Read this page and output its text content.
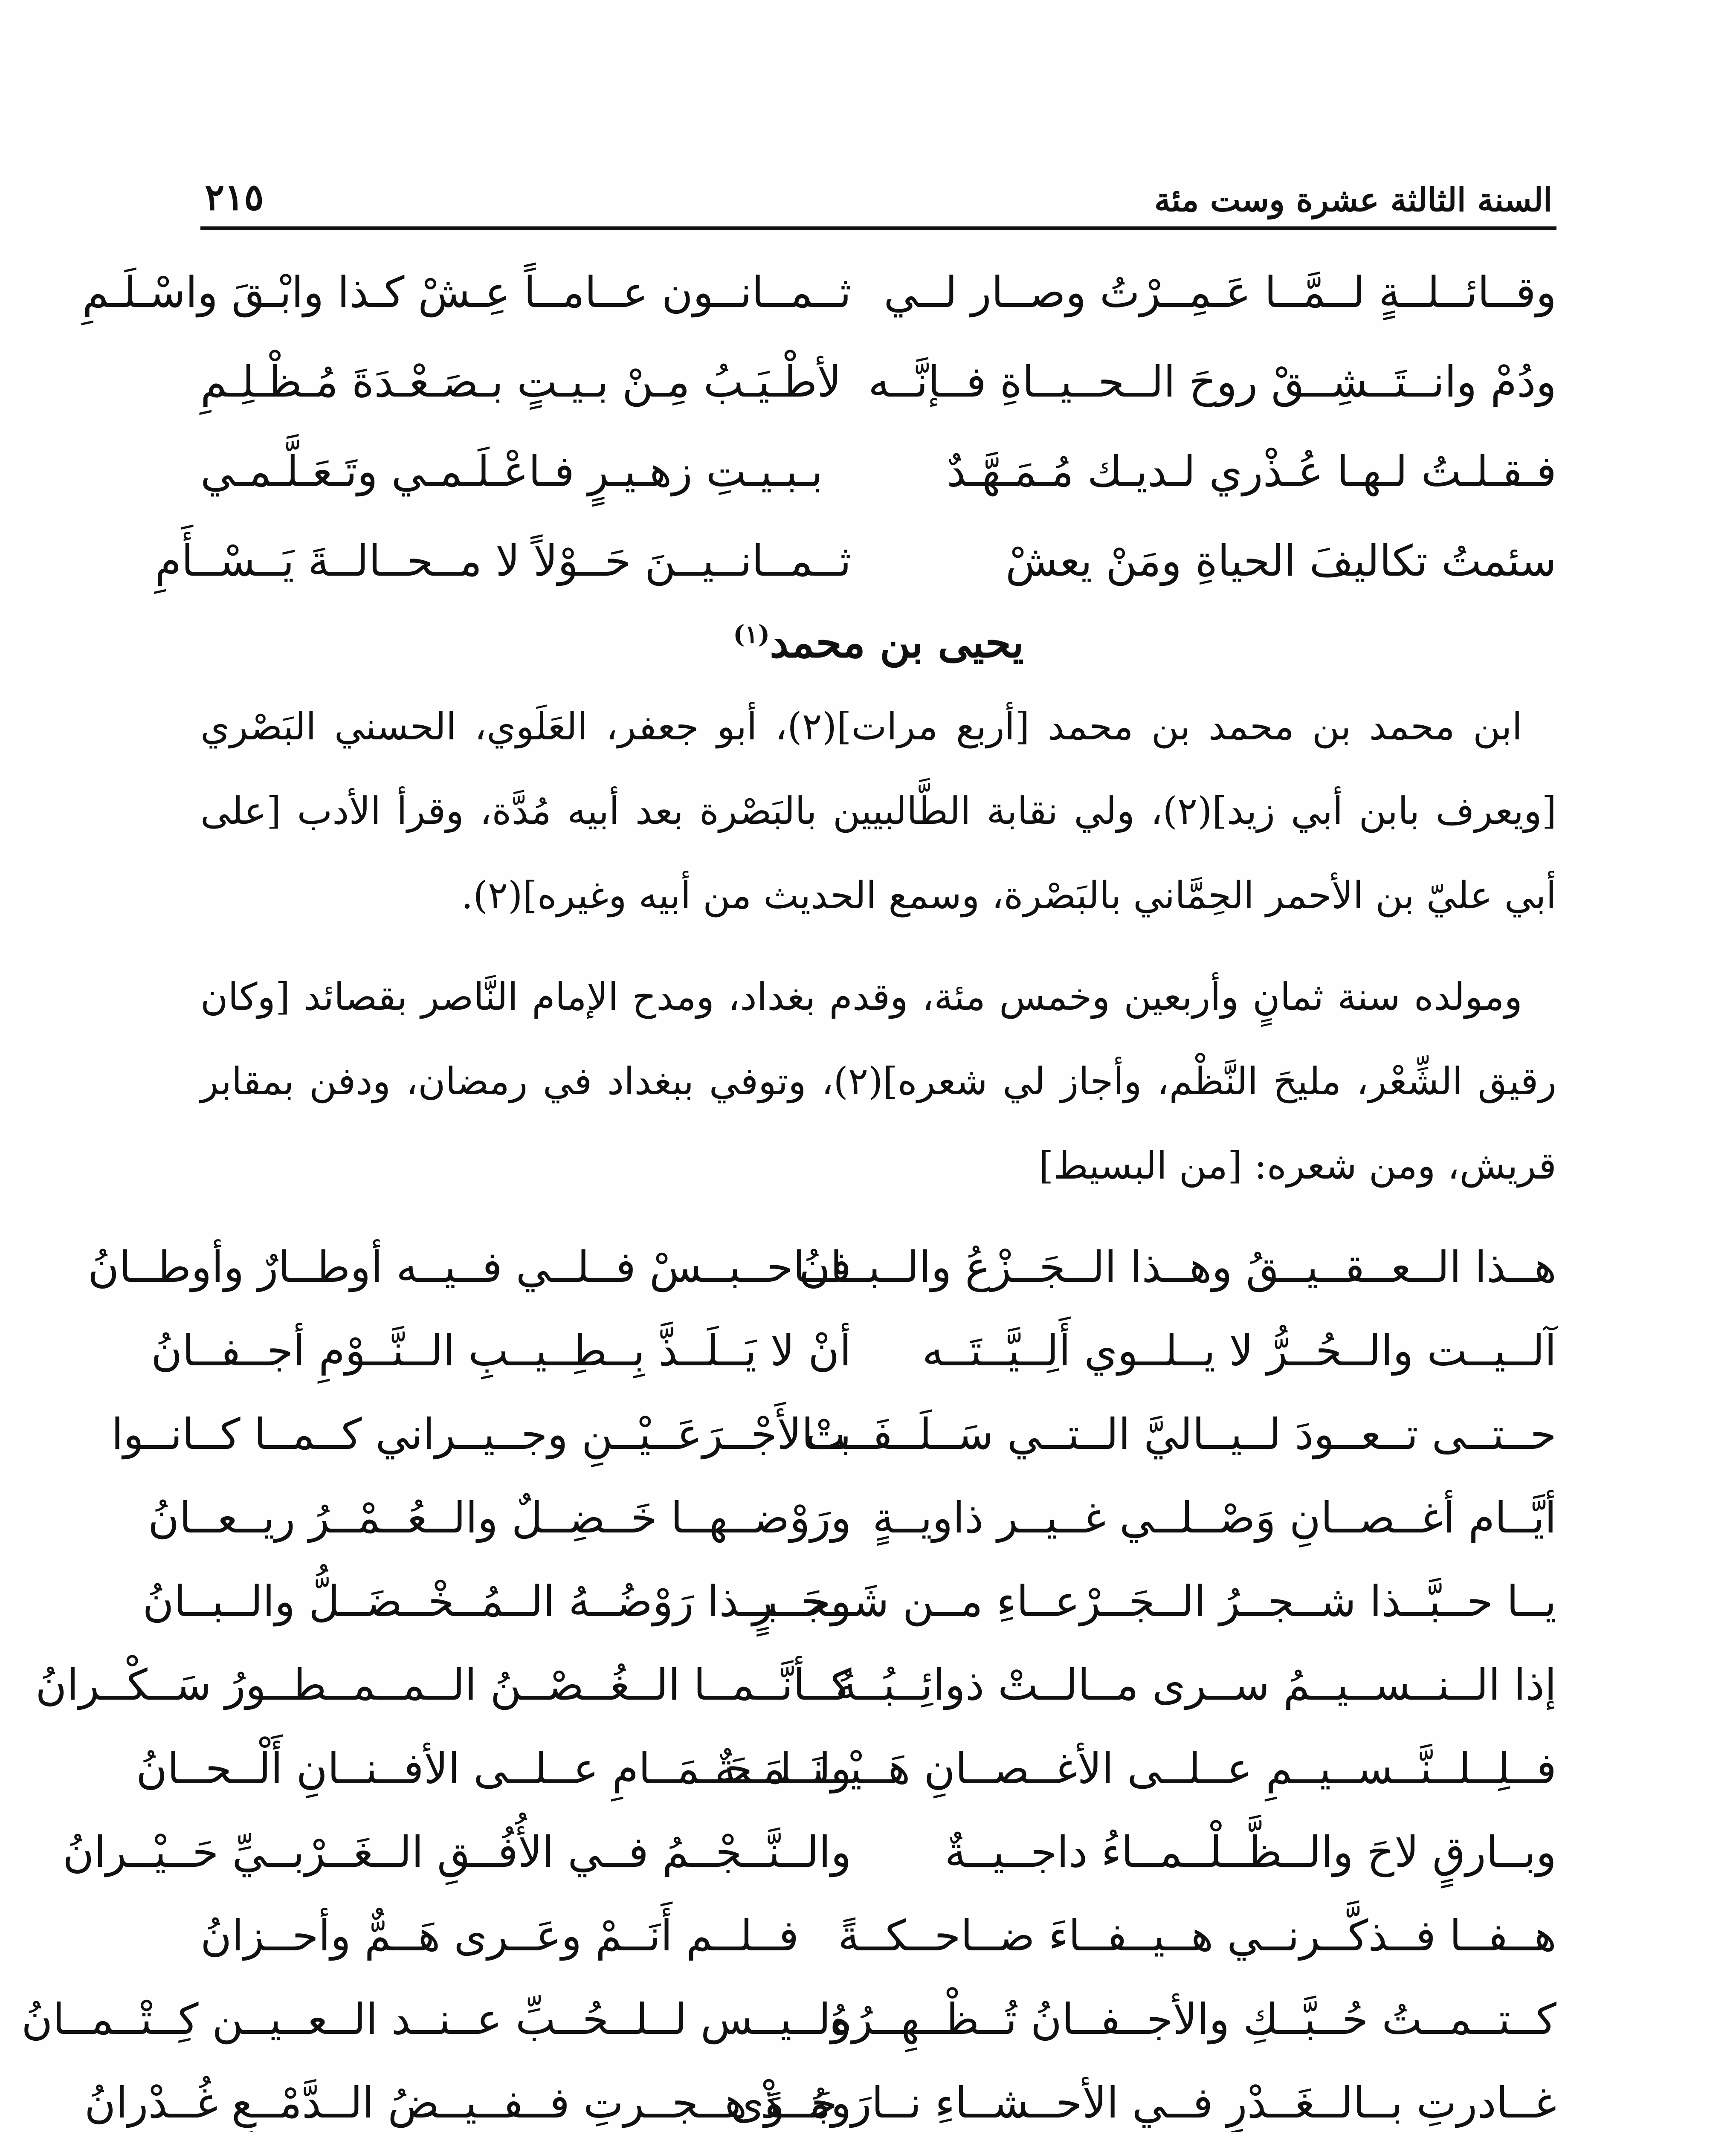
السنة الثالثة عشرة وست مئة
٢١٥
وقــائــلــةٍ لــمَّــا عَـمِــرْتُ وصــار لــي
ثــمــانــون عــامــاً عِـشْ كـذا وابْـقَ واسْـلَـمِ
ودُمْ وانــتَــشِــقْ روحَ الــحــيــاةِ فــإنَّــه
لأطْـيَـبُ مِـنْ بـيـتٍ بـصَـعْـدَةَ مُـظْـلِـمِ
فـقـلـتُ لـهـا عُـذْري لـديـك مُـمَـهَّـدٌ
بـبـيـتِ زهـيـرٍ فـاعْـلَـمـي وتَـعَـلَّـمـي
سئمتُ تكاليفَ الحياةِ ومَنْ يعشْ
ثــمــانــيــنَ حَــوْلاً لا مــحــالــةَ يَــسْــأَمِ
يحيى بن محمد$^{(١)}$

ابن محمد بن محمد بن محمد [أربع مرات](٢)، أبو جعفر، العَلَوي، الحسني البَصْري [ويعرف بابن أبي زيد](٢)، ولي نقابة الطَّالبيين بالبَصْرة بعد أبيه مُدَّة، وقرأ الأدب [على أبي عليّ بن الأحمر الحِمَّاني بالبَصْرة، وسمع الحديث من أبيه وغيره](٢).

ومولده سنة ثمانٍ وأربعين وخمس مئة، وقدم بغداد، ومدح الإمام النَّاصر بقصائد [وكان رقيق الشِّعْر، مليحَ النَّظْم، وأجاز لي شعره](٢)، وتوفي ببغداد في رمضان، ودفن بمقابر قريش، ومن شعره: [من البسيط]

هــذا الــعــقــيــقُ وهــذا الــجَــزْعُ والــبــانُ
فــاحــبــسْ فــلــي فــيــه أوطــارٌ وأوطــانُ
آلــيــت والــحُــرُّ لا يــلــوي أَلِــيَّــتَــه
أنْ لا يَــلَــذَّ بِــطِــيــبِ الــنَّــوْمِ أجــفــانُ
حــتــى تــعــودَ لــيــاليَّ الــتــي سَــلَــفَــتْ
بــالأَجْــرَعَــيْــنِ وجــيــراني كــمــا كــانــوا
أيَّــام أغــصــانِ وَصْــلــي غــيــر ذاويــةٍ
ورَوْضــهــا خَــضِــلٌ والــعُــمْــرُ ريــعــانُ
يــا حــبَّــذا شــجــرُ الــجَــرْعــاءِ مــن شَــجَــرٍ
وحــبــذا رَوْضُــهُ الــمُــخْــضَــلُّ والــبــانُ
إذا الــنــســيــمُ ســرى مــالــتْ ذوائِــبُــهُ
كــأنَّــمــا الــغُــصْــنُ الــمــمــطــورُ سَــكْــرانُ
فــلِــلــنَّــســيــمِ عــلــى الأغــصــانِ هَــيْــنَــمَــةٌ
ولــلــحَــمَــامِ عــلــى الأفــنــانِ أَلْــحــانُ
وبــارقٍ لاحَ والــظَّــلْــمــاءُ داجــيــةٌ
والــنَّــجْــمُ فــي الأُفُــقِ الــغَــرْبــيِّ حَــيْــرانُ
هــفــا فــذكَّــرنــي هــيــفــاءَ ضــاحــكــةً
فــلــم أَنَــمْ وعَــرى هَــمٌّ وأحــزانُ
كــتــمــتُ حُــبَّــكِ والأجــفــانُ تُــظْــهِــرُهُ
ولــيــس لــلــحُــبِّ عــنــد الــعــيــن كِــتْــمــانُ
غــادرتِ بــالــغَــدْرِ فــي الأحــشــاءِ نــارَ جَــوًى
ومُــذْ هــجــرتِ فــفــيــضُ الــدَّمْــعِ غُــدْرانُ
